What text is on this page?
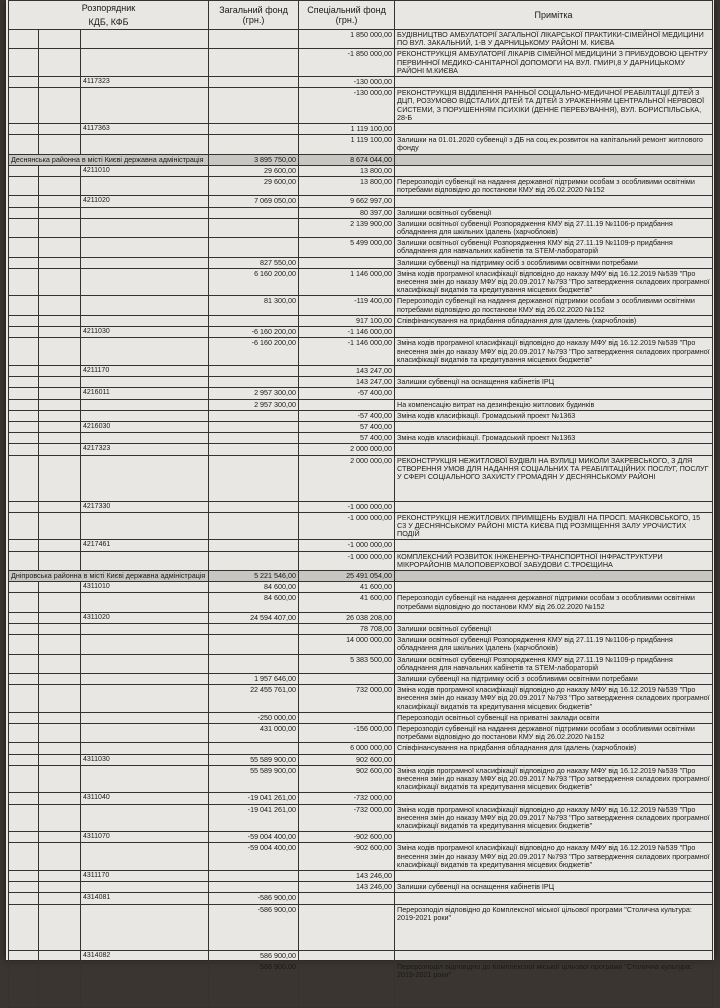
Розпорядник
КДБ, КФБ			Загальний фонд (грн.)	Спеціальний фонд (грн.)	Примітка
				1 850 000,00	БУДІВНИЦТВО АМБУЛАТОРІЇ ЗАГАЛЬНОЇ ЛІКАРСЬКОЇ ПРАКТИКИ-СІМЕЙНОЇ МЕДИЦИНИ ПО ВУЛ. ЗАКАЛЬНИЙ, 1-В У ДАРНИЦЬКОМУ РАЙОНІ М. КИЄВА
				-1 850 000,00	РЕКОНСТРУКЦІЯ АМБУЛАТОРІЇ ЛІКАРІВ СІМЕЙНОЇ МЕДИЦИНИ З ПРИБУДОВОЮ ЦЕНТРУ ПЕРВИННОЇ МЕДИКО-САНІТАРНОЇ ДОПОМОГИ НА ВУЛ. ГМИРІ,8 У ДАРНИЦЬКОМУ РАЙОНІ М.КИЄВА
		4117323		-130 000,00	
				-130 000,00	РЕКОНСТРУКЦІЯ ВІДДІЛЕННЯ РАННЬОЇ СОЦІАЛЬНО-МЕДИЧНОЇ РЕАБІЛІТАЦІЇ ДІТЕЙ З ДЦП, РОЗУМОВО ВІДСТАЛИХ ДІТЕЙ ТА ДІТЕЙ З УРАЖЕННЯМ ЦЕНТРАЛЬНОЇ НЕРВОВОЇ СИСТЕМИ, З ПОРУШЕННЯМ ПСИХІКИ (ДЕННЕ ПЕРЕБУВАННЯ), ВУЛ. БОРИСПІЛЬСЬКА, 28-Б
		4117363		1 119 100,00	
				1 119 100,00	Залишки на 01.01.2020 субвенції з ДБ на соц.ек.розвиток на капітальний ремонт житлового фонду
Деснянська районна в місті Києві державна адміністрація			3 895 750,00	8 674 044,00	
		4211010	29 600,00	13 800,00	
			29 600,00	13 800,00	Перерозподіл субвенції на надання державної підтримки особам з особливими освітніми потребами відповідно до постанови КМУ від 26.02.2020 №152
		4211020	7 069 050,00	9 662 997,00	
				80 397,00	Залишки освітньої субвенції
				2 139 900,00	Залишки освітньої субвенції Розпорядження КМУ від 27.11.19 №1106-р придбання обладнання для шкільних їдалень (харчоблоків)
				5 499 000,00	Залишки освітньої субвенції Розпорядження КМУ від 27.11.19 №1109-р придбання обладнання для навчальних кабінетів та STEM-лабораторій
			827 550,00		Залишки субвенції на підтримку осіб з особливими освітніми потребами
			6 160 200,00	1 146 000,00	Зміна кодів програмної класифікації відповідно до наказу МФУ від 16.12.2019 №539 "Про внесення змін до наказу МФУ від 20.09.2017 №793 "Про затвердження складових програмної класифікації видатків та кредитування місцевих бюджетів"
			81 300,00	-119 400,00	Перерозподіл субвенції на надання державної підтримки особам з особливими освітніми потребами відповідно до постанови КМУ від 26.02.2020 №152
				917 100,00	Співфінансування на придбання обладнання для їдалень (харчоблоків)
		4211030	-6 160 200,00	-1 146 000,00	
			-6 160 200,00	-1 146 000,00	Зміна кодів програмної класифікації відповідно до наказу МФУ від 16.12.2019 №539 "Про внесення змін до наказу МФУ від 20.09.2017 №793 "Про затвердження складових програмної класифікації видатків та кредитування місцевих бюджетів"
		4211170		143 247,00	
				143 247,00	Залишки субвенції на оснащення кабінетів ІРЦ
		4216011	2 957 300,00	-57 400,00	
			2 957 300,00		На компенсацію витрат на дезинфекцію житлових будинків
				-57 400,00	Зміна кодів класифікації. Громадський проект №1363
		4216030		57 400,00	
				57 400,00	Зміна кодів класифікації. Громадський проект №1363
		4217323		2 000 000,00	
				2 000 000,00	РЕКОНСТРУКЦІЯ НЕЖИТЛОВОЇ БУДІВЛІ НА ВУЛИЦІ МИКОЛИ ЗАКРЕВСЬКОГО, З ДЛЯ СТВОРЕННЯ УМОВ ДЛЯ НАДАННЯ СОЦІАЛЬНИХ ТА РЕАБІЛІТАЦІЙНИХ ПОСЛУГ, ПОСЛУГ У СФЕРІ СОЦІАЛЬНОГО ЗАХИСТУ ГРОМАДЯН У ДЕСНЯНСЬКОМУ РАЙОНІ
		4217330		-1 000 000,00	
				-1 000 000,00	РЕКОНСТРУКЦІЯ НЕЖИТЛОВИХ ПРИМІЩЕНЬ БУДІВЛІ НА ПРОСП. МАЯКОВСЬКОГО, 15 С3 У ДЕСНЯНСЬКОМУ РАЙОНІ МІСТА КИЄВА ПІД РОЗМІЩЕННЯ ЗАЛУ УРОЧИСТИХ ПОДІЙ
		4217461		-1 000 000,00	
				-1 000 000,00	КОМПЛЕКСНИЙ РОЗВИТОК ІНЖЕНЕРНО-ТРАНСПОРТНОЇ ІНФРАСТРУКТУРИ МІКРОРАЙОНІВ МАЛОПОВЕРХОВОЇ ЗАБУДОВИ С.ТРОЄЩИНА
Дніпровська районна в місті Києві державна адміністрація			5 221 546,00	25 491 054,00	
		4311010	84 600,00	41 600,00	
			84 600,00	41 600,00	Перерозподіл субвенції на надання державної підтримки особам з особливими освітніми потребами відповідно до постанови КМУ від 26.02.2020 №152
		4311020	24 594 407,00	26 038 208,00	
				78 708,00	Залишки освітньої субвенції
				14 000 000,00	Залишки освітньої субвенції Розпорядження КМУ від 27.11.19 №1106-р придбання обладнання для шкільних їдалень (харчоблоків)
				5 383 500,00	Залишки освітньої субвенції Розпорядження КМУ від 27.11.19 №1109-р придбання обладнання для навчальних кабінетів та STEM-лабораторій
			1 957 646,00		Залишки субвенції на підтримку осіб з особливими освітніми потребами
			22 455 761,00	732 000,00	Зміна кодів програмної класифікації відповідно до наказу МФУ від 16.12.2019 №539 "Про внесення змін до наказу МФУ від 20.09.2017 №793 "Про затвердження складових програмної класифікації видатків та кредитування місцевих бюджетів"
			-250 000,00		Перерозподіл освітньої субвенції на приватні заклади освіти
			431 000,00	-156 000,00	Перерозподіл субвенції на надання державної підтримки особам з особливими освітніми потребами відповідно до постанови КМУ від 26.02.2020 №152
				6 000 000,00	Співфінансування на придбання обладнання для їдалень (харчоблоків)
		4311030	55 589 900,00	902 600,00	
			55 589 900,00	902 600,00	Зміна кодів програмної класифікації відповідно до наказу МФУ від 16.12.2019 №539 "Про внесення змін до наказу МФУ від 20.09.2017 №793 "Про затвердження складових програмної класифікації видатків та кредитування місцевих бюджетів"
		4311040	-19 041 261,00	-732 000,00	
			-19 041 261,00	-732 000,00	Зміна кодів програмної класифікації відповідно до наказу МФУ від 16.12.2019 №539 "Про внесення змін до наказу МФУ від 20.09.2017 №793 "Про затвердження складових програмної класифікації видатків та кредитування місцевих бюджетів"
		4311070	-59 004 400,00	-902 600,00	
			-59 004 400,00	-902 600,00	Зміна кодів програмної класифікації відповідно до наказу МФУ від 16.12.2019 №539 "Про внесення змін до наказу МФУ від 20.09.2017 №793 "Про затвердження складових програмної класифікації видатків та кредитування місцевих бюджетів"
		4311170		143 246,00	
				143 246,00	Залишки субвенції на оснащення кабінетів ІРЦ
		4314081	-586 900,00		
			-586 900,00		Перерозподіл відповідно до Комплексної міської цільової програми "Столична культура: 2019-2021 роки"
		4314082	586 900,00		
			586 900,00		Перерозподіл відповідно до Комплексної міської цільової програми "Столична культура: 2019-2021 роки"
